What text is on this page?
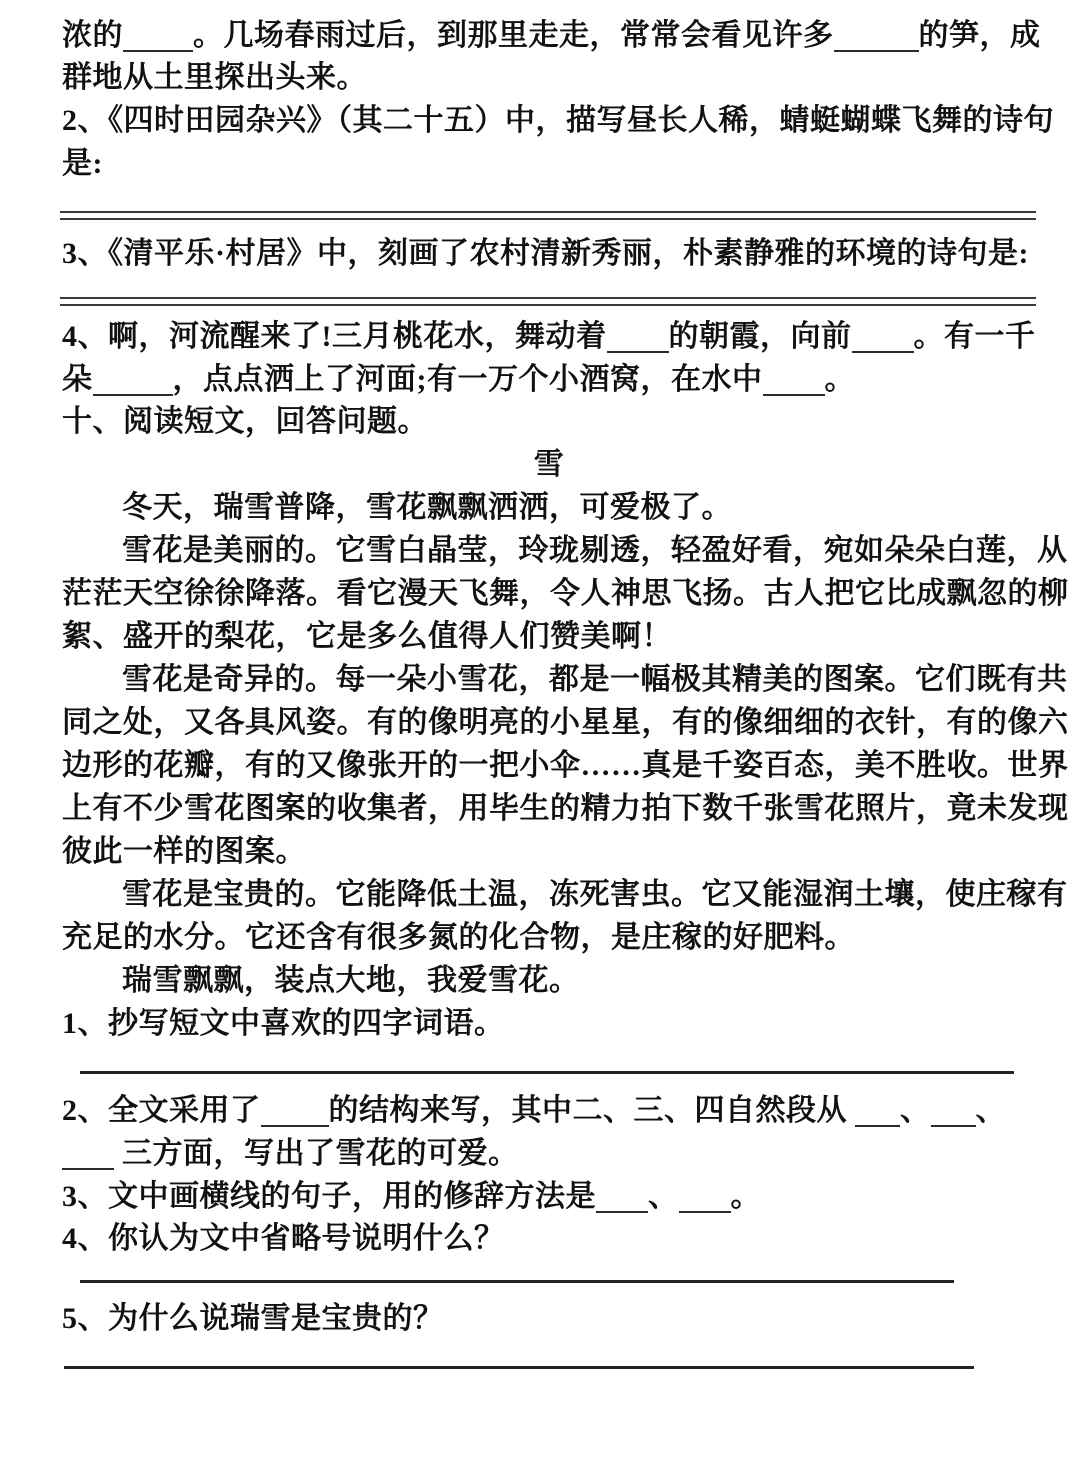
浓的 。几场春雨过后，到那里走走，常常会看见许多	的笋，成
群地从土里探出头来。
2、《四时田园杂兴》（其二十五）中，描写昼长人稀，蜻蜓蝴蝶飞舞的诗句
是:
3、《清平乐·村居》中，刻画了农村清新秀丽，朴素静雅的环境的诗句是:
4、啊，河流醒来了!三月桃花水，舞动着 的朝霞，向前 。有一千
朵	，点点洒上了河面;有一万个小酒窝，在水中 。
十、阅读短文，回答问题。
雪
冬天，瑞雪普降，雪花飘飘洒洒，可爱极了。
雪花是美丽的。它雪白晶莹，玲珑剔透，轻盈好看，宛如朵朵白莲，从
茫茫天空徐徐降落。看它漫天飞舞，令人神思飞扬。古人把它比成飘忽的柳
絮、盛开的梨花，它是多么值得人们赞美啊！
雪花是奇异的。每一朵小雪花，都是一幅极其精美的图案。它们既有共
同之处，又各具风姿。有的像明亮的小星星，有的像细细的衣针，有的像六
边形的花瓣，有的又像张开的一把小伞……真是千姿百态，美不胜收。世界
上有不少雪花图案的收集者，用毕生的精力拍下数千张雪花照片，竟未发现
彼此一样的图案。
雪花是宝贵的。它能降低土温，冻死害虫。它又能湿润土壤，使庄稼有
充足的水分。它还含有很多氮的化合物，是庄稼的好肥料。
瑞雪飘飘，装点大地，我爱雪花。
1、抄写短文中喜欢的四字词语。
2、全文采用了 的结构来写，其中二、三、四自然段从 、 、
三方面，写出了雪花的可爱。
3、文中画横线的句子，用的修辞方法是 、 。
4、你认为文中省略号说明什么？
5、为什么说瑞雪是宝贵的？
